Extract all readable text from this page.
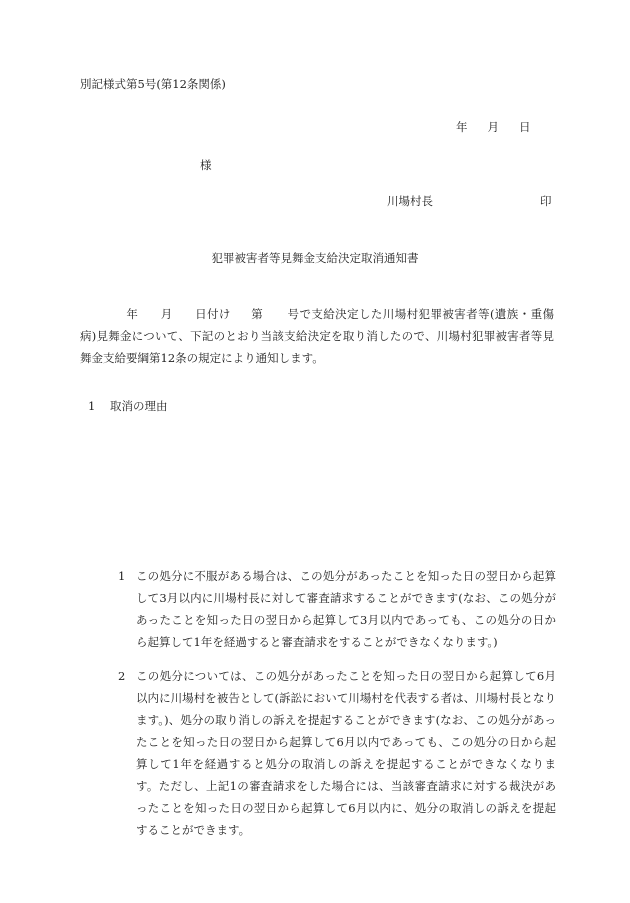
別記様式第5号(第12条関係)
年 月 日
様
川場村長	印
犯罪被害者等見舞金支給決定取消通知書
年 月 日付け 第 号で支給決定した川場村犯罪被害者等(遺族・重傷病)見舞金について、下記のとおり当該支給決定を取り消したので、川場村犯罪被害者等見舞金支給要綱第12条の規定により通知します。
1 取消の理由
1 この処分に不服がある場合は、この処分があったことを知った日の翌日から起算して3月以内に川場村長に対して審査請求することができます(なお、この処分があったことを知った日の翌日から起算して3月以内であっても、この処分の日から起算して1年を経過すると審査請求をすることができなくなります。)
2 この処分については、この処分があったことを知った日の翌日から起算して6月以内に川場村を被告として(訴訟において川場村を代表する者は、川場村長となります。)、処分の取り消しの訴えを提起することができます(なお、この処分があったことを知った日の翌日から起算して6月以内であっても、この処分の日から起算して1年を経過すると処分の取消しの訴えを提起することができなくなります。ただし、上記1の審査請求をした場合には、当該審査請求に対する裁決があったことを知った日の翌日から起算して6月以内に、処分の取消しの訴えを提起することができます。
